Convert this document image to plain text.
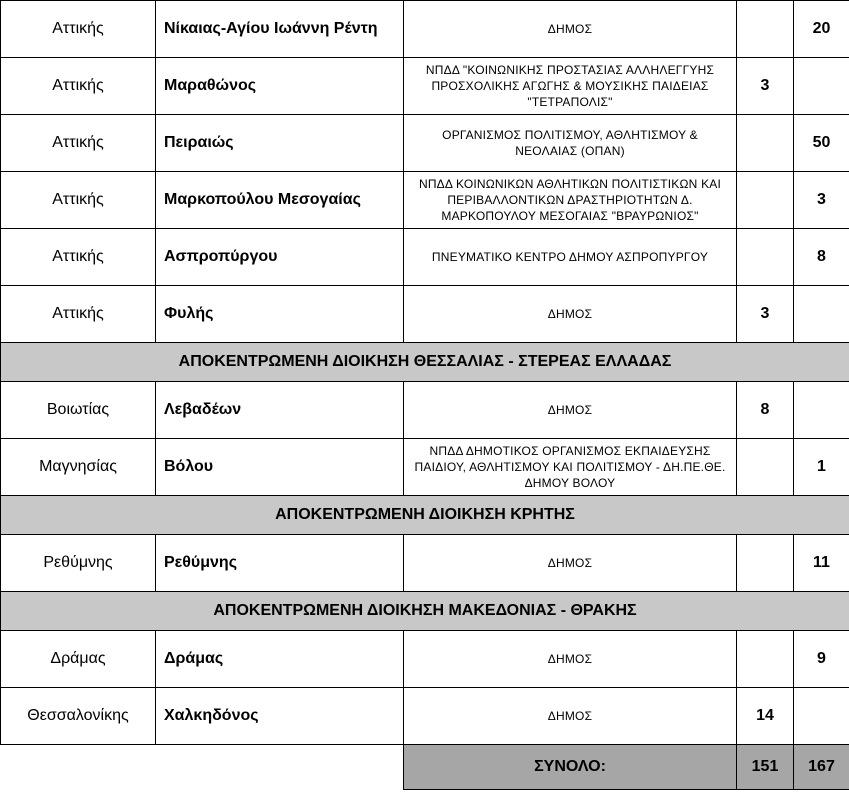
Αττικής	Νίκαιας-Αγίου Ιωάννη Ρέντη	ΔΗΜΟΣ		20
Αττικής	Μαραθώνος	ΝΠΔΔ "ΚΟΙΝΩΝΙΚΗΣ ΠΡΟΣΤΑΣΙΑΣ ΑΛΛΗΛΕΓΓΥΗΣ ΠΡΟΣΧΟΛΙΚΗΣ ΑΓΩΓΗΣ & ΜΟΥΣΙΚΗΣ ΠΑΙΔΕΙΑΣ "ΤΕΤΡΑΠΟΛΙΣ"	3	
Αττικής	Πειραιώς	ΟΡΓΑΝΙΣΜΟΣ ΠΟΛΙΤΙΣΜΟΥ, ΑΘΛΗΤΙΣΜΟΥ & ΝΕΟΛΑΙΑΣ (ΟΠΑΝ)		50
Αττικής	Μαρκοπούλου Μεσογαίας	ΝΠΔΔ ΚΟΙΝΩΝΙΚΩΝ ΑΘΛΗΤΙΚΩΝ ΠΟΛΙΤΙΣΤΙΚΩΝ ΚΑΙ ΠΕΡΙΒΑΛΛΟΝΤΙΚΩΝ ΔΡΑΣΤΗΡΙΟΤΗΤΩΝ Δ. ΜΑΡΚΟΠΟΥΛΟΥ ΜΕΣΟΓΑΙΑΣ "ΒΡΑΥΡΩΝΙΟΣ"		3
Αττικής	Ασπροπύργου	ΠΝΕΥΜΑΤΙΚΟ ΚΕΝΤΡΟ ΔΗΜΟΥ ΑΣΠΡΟΠΥΡΓΟΥ		8
Αττικής	Φυλής	ΔΗΜΟΣ	3	
ΑΠΟΚΕΝΤΡΩΜΕΝΗ ΔΙΟΙΚΗΣΗ ΘΕΣΣΑΛΙΑΣ - ΣΤΕΡΕΑΣ ΕΛΛΑΔΑΣ				
Βοιωτίας	Λεβαδέων	ΔΗΜΟΣ	8	
Μαγνησίας	Βόλου	ΝΠΔΔ ΔΗΜΟΤΙΚΟΣ ΟΡΓΑΝΙΣΜΟΣ ΕΚΠΑΙΔΕΥΣΗΣ ΠΑΙΔΙΟΥ, ΑΘΛΗΤΙΣΜΟΥ ΚΑΙ ΠΟΛΙΤΙΣΜΟΥ - ΔΗ.ΠΕ.ΘΕ. ΔΗΜΟΥ ΒΟΛΟΥ		1
ΑΠΟΚΕΝΤΡΩΜΕΝΗ ΔΙΟΙΚΗΣΗ ΚΡΗΤΗΣ				
Ρεθύμνης	Ρεθύμνης	ΔΗΜΟΣ		11
ΑΠΟΚΕΝΤΡΩΜΕΝΗ ΔΙΟΙΚΗΣΗ ΜΑΚΕΔΟΝΙΑΣ - ΘΡΑΚΗΣ				
Δράμας	Δράμας	ΔΗΜΟΣ		9
Θεσσαλονίκης	Χαλκηδόνος	ΔΗΜΟΣ	14	
		ΣΥΝΟΛΟ:	151	167
